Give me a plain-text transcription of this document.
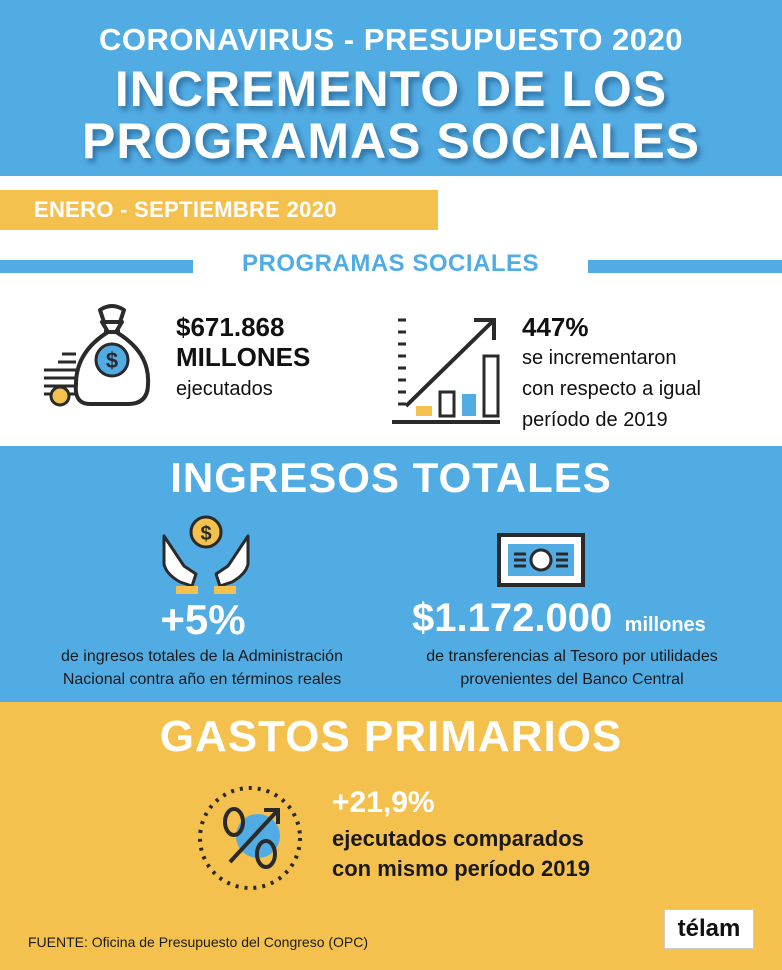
CORONAVIRUS - PRESUPUESTO 2020
INCREMENTO DE LOS
PROGRAMAS SOCIALES
ENERO - SEPTIEMBRE 2020
PROGRAMAS SOCIALES
$
$671.868
MILLONES
ejecutados
447%
se incrementaron
con respecto a igual
período de 2019
INGRESOS TOTALES
$
+5%
de ingresos totales de la Administración
Nacional contra año en términos reales
$1.172.000 millones
de transferencias al Tesoro por utilidades
provenientes del Banco Central
GASTOS PRIMARIOS
+21,9%
ejecutados comparados
con mismo período 2019
FUENTE: Oficina de Presupuesto del Congreso (OPC)	télam
